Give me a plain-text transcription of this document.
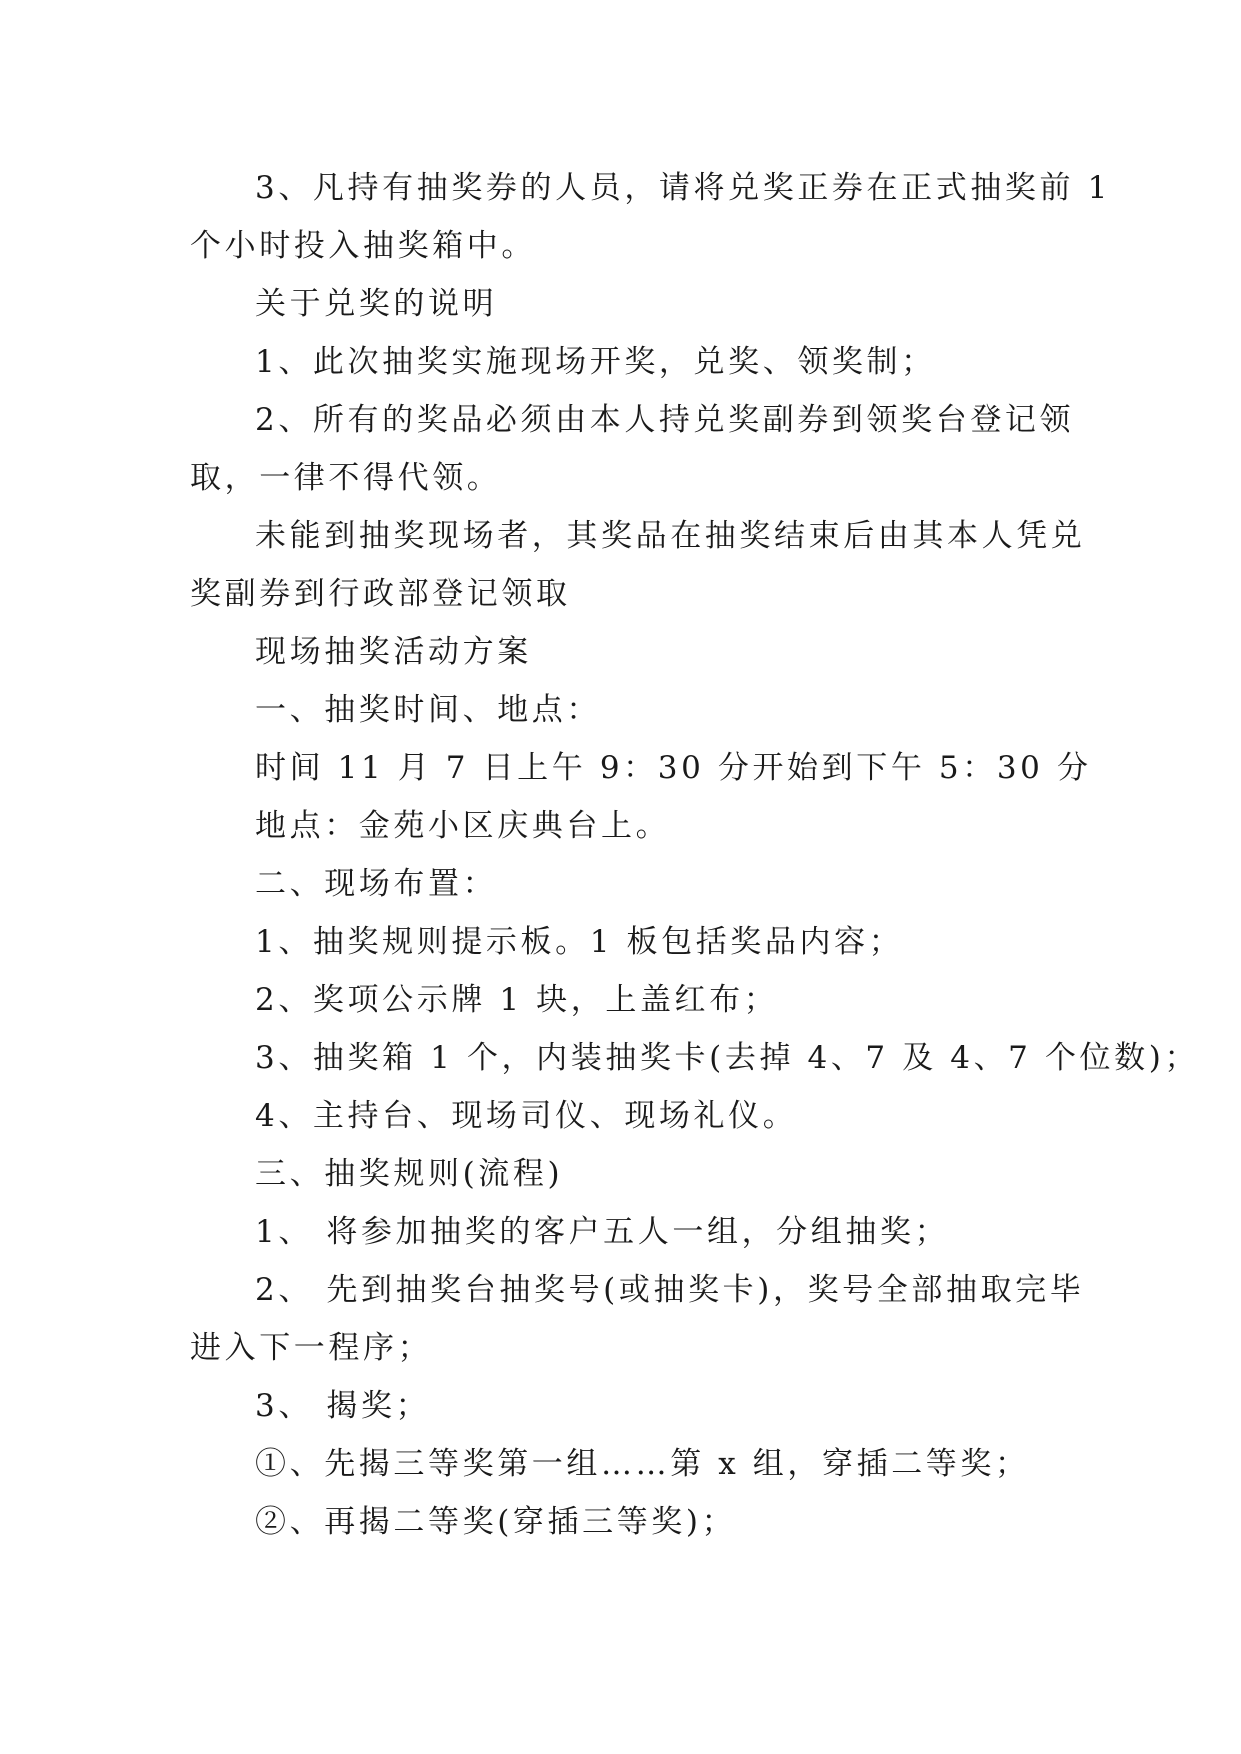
3、凡持有抽奖券的人员，请将兑奖正券在正式抽奖前 1
个小时投入抽奖箱中。
关于兑奖的说明
1、此次抽奖实施现场开奖，兑奖、领奖制；
2、所有的奖品必须由本人持兑奖副券到领奖台登记领
取，一律不得代领。
未能到抽奖现场者，其奖品在抽奖结束后由其本人凭兑
奖副券到行政部登记领取
现场抽奖活动方案
一、抽奖时间、地点：
时间 11 月 7 日上午 9：30 分开始到下午 5：30 分
地点：金苑小区庆典台上。
二、现场布置：
1、抽奖规则提示板。1 板包括奖品内容；
2、奖项公示牌 1 块，上盖红布；
3、抽奖箱 1 个，内装抽奖卡(去掉 4、7 及 4、7 个位数)；
4、主持台、现场司仪、现场礼仪。
三、抽奖规则(流程)
1、 将参加抽奖的客户五人一组，分组抽奖；
2、 先到抽奖台抽奖号(或抽奖卡)，奖号全部抽取完毕
进入下一程序；
3、 揭奖；
①、先揭三等奖第一组……第 x 组，穿插二等奖；
②、再揭二等奖(穿插三等奖)；
